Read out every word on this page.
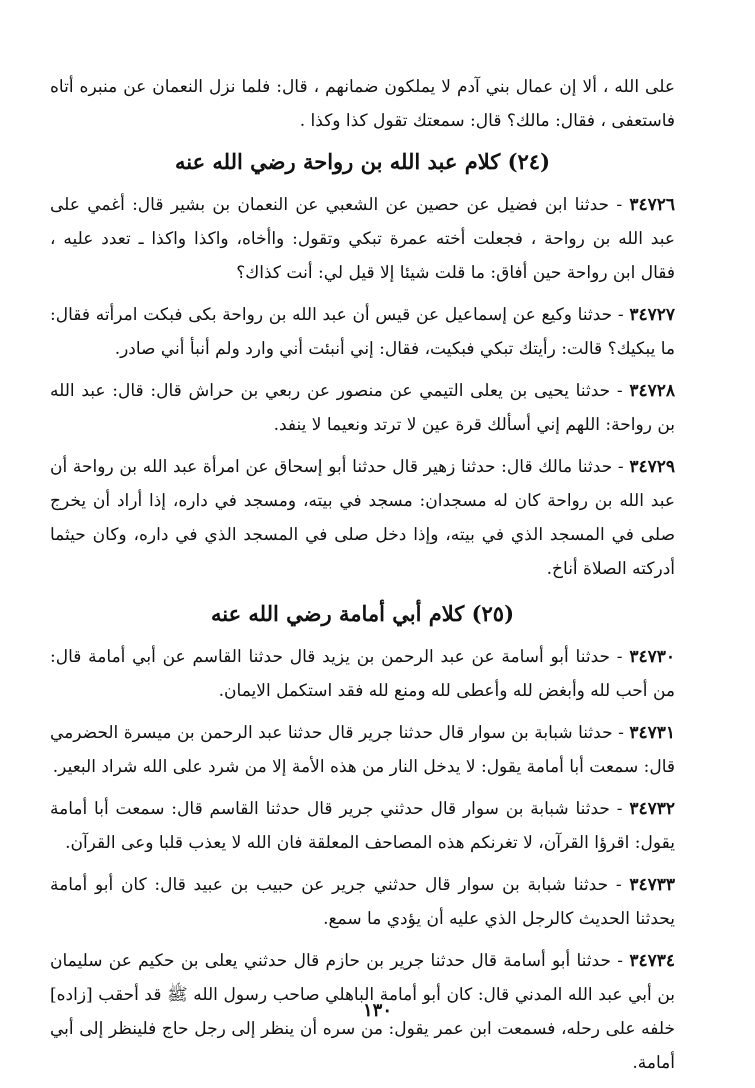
على الله ، ألا إن عمال بني آدم لا يملكون ضمانهم ، قال: فلما نزل النعمان عن منبره أتاه فاستعفى ، فقال: مالك؟ قال: سمعتك تقول كذا وكذا .

(٢٤) كلام عبد الله بن رواحة رضي الله عنه

٣٤٧٢٦ - حدثنا ابن فضيل عن حصين عن الشعبي عن النعمان بن بشير قال: أغمي على عبد الله بن رواحة ، فجعلت أخته عمرة تبكي وتقول: واأخاه، واكذا واكذا ـ تعدد عليه ، فقال ابن رواحة حين أفاق: ما قلت شيئا إلا قيل لي: أنت كذاك؟

٣٤٧٢٧ - حدثنا وكيع عن إسماعيل عن قيس أن عبد الله بن رواحة بكى فبكت امرأته فقال: ما يبكيك؟ قالت: رأيتك تبكي فبكيت، فقال: إني أنبئت أني وارد ولم أنبأ أني صادر.

٣٤٧٢٨ - حدثنا يحيى بن يعلى التيمي عن منصور عن ربعي بن حراش قال: قال: عبد الله بن رواحة: اللهم إني أسألك قرة عين لا ترتد ونعيما لا ينفد.

٣٤٧٢٩ - حدثنا مالك قال: حدثنا زهير قال حدثنا أبو إسحاق عن امرأة عبد الله بن رواحة أن عبد الله بن رواحة كان له مسجدان: مسجد في بيته، ومسجد في داره، إذا أراد أن يخرج صلى في المسجد الذي في بيته، وإذا دخل صلى في المسجد الذي في داره، وكان حيثما أدركته الصلاة أناخ.

(٢٥) كلام أبي أمامة رضي الله عنه

٣٤٧٣٠ - حدثنا أبو أسامة عن عبد الرحمن بن يزيد قال حدثنا القاسم عن أبي أمامة قال: من أحب لله وأبغض لله وأعطى لله ومنع لله فقد استكمل الايمان.

٣٤٧٣١ - حدثنا شبابة بن سوار قال حدثنا جرير قال حدثنا عبد الرحمن بن ميسرة الحضرمي قال: سمعت أبا أمامة يقول: لا يدخل النار من هذه الأمة إلا من شرد على الله شراد البعير.

٣٤٧٣٢ - حدثنا شبابة بن سوار قال حدثني جرير قال حدثنا القاسم قال: سمعت أبا أمامة يقول: اقرؤا القرآن، لا تغرنكم هذه المصاحف المعلقة فان الله لا يعذب قلبا وعى القرآن.

٣٤٧٣٣ - حدثنا شبابة بن سوار قال حدثني جرير عن حبيب بن عبيد قال: كان أبو أمامة يحدثنا الحديث كالرجل الذي عليه أن يؤدي ما سمع.

٣٤٧٣٤ - حدثنا أبو أسامة قال حدثنا جرير بن حازم قال حدثني يعلى بن حكيم عن سليمان بن أبي عبد الله المدني قال: كان أبو أمامة الباهلي صاحب رسول الله ﷺ قد أحقب [زاده] خلفه على رحله، فسمعت ابن عمر يقول: من سره أن ينظر إلى رجل حاج فلينظر إلى أبي أمامة.

١٣٠
